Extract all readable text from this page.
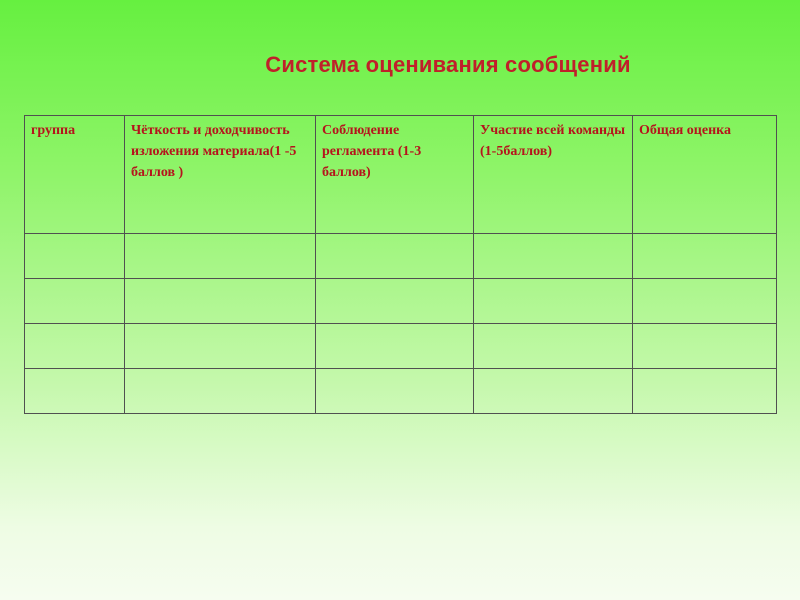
Система оценивания сообщений
группа	Чёткость и доходчивость изложения материала(1 -5 баллов )	Соблюдение регламента (1-3 баллов)	Участие всей команды (1-5баллов)	Общая оценка
